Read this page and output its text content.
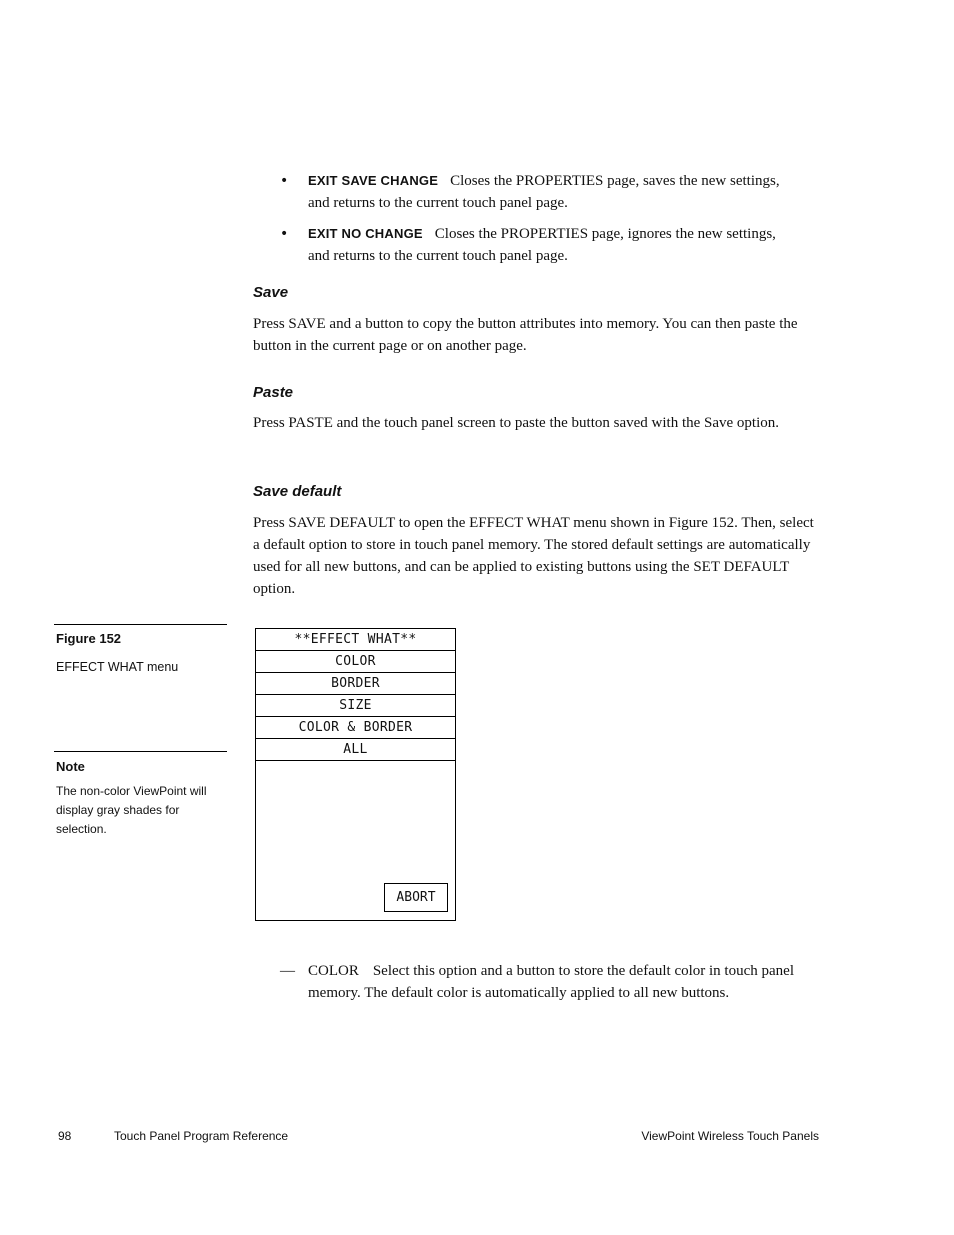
• EXIT SAVE CHANGE Closes the PROPERTIES page, saves the new settings, and returns to the current touch panel page.
• EXIT NO CHANGE Closes the PROPERTIES page, ignores the new settings, and returns to the current touch panel page.
Save
Press SAVE and a button to copy the button attributes into memory. You can then paste the button in the current page or on another page.
Paste
Press PASTE and the touch panel screen to paste the button saved with the Save option.
Save default
Press SAVE DEFAULT to open the EFFECT WHAT menu shown in Figure 152. Then, select a default option to store in touch panel memory. The stored default settings are automatically used for all new buttons, and can be applied to existing buttons using the SET DEFAULT option.
Figure 152
EFFECT WHAT menu
Note
The non-color ViewPoint will display gray shades for selection.
**EFFECT WHAT**
COLOR
BORDER
SIZE
COLOR & BORDER
ALL
ABORT
— COLOR Select this option and a button to store the default color in touch panel memory. The default color is automatically applied to all new buttons.
98	Touch Panel Program Reference	ViewPoint Wireless Touch Panels
